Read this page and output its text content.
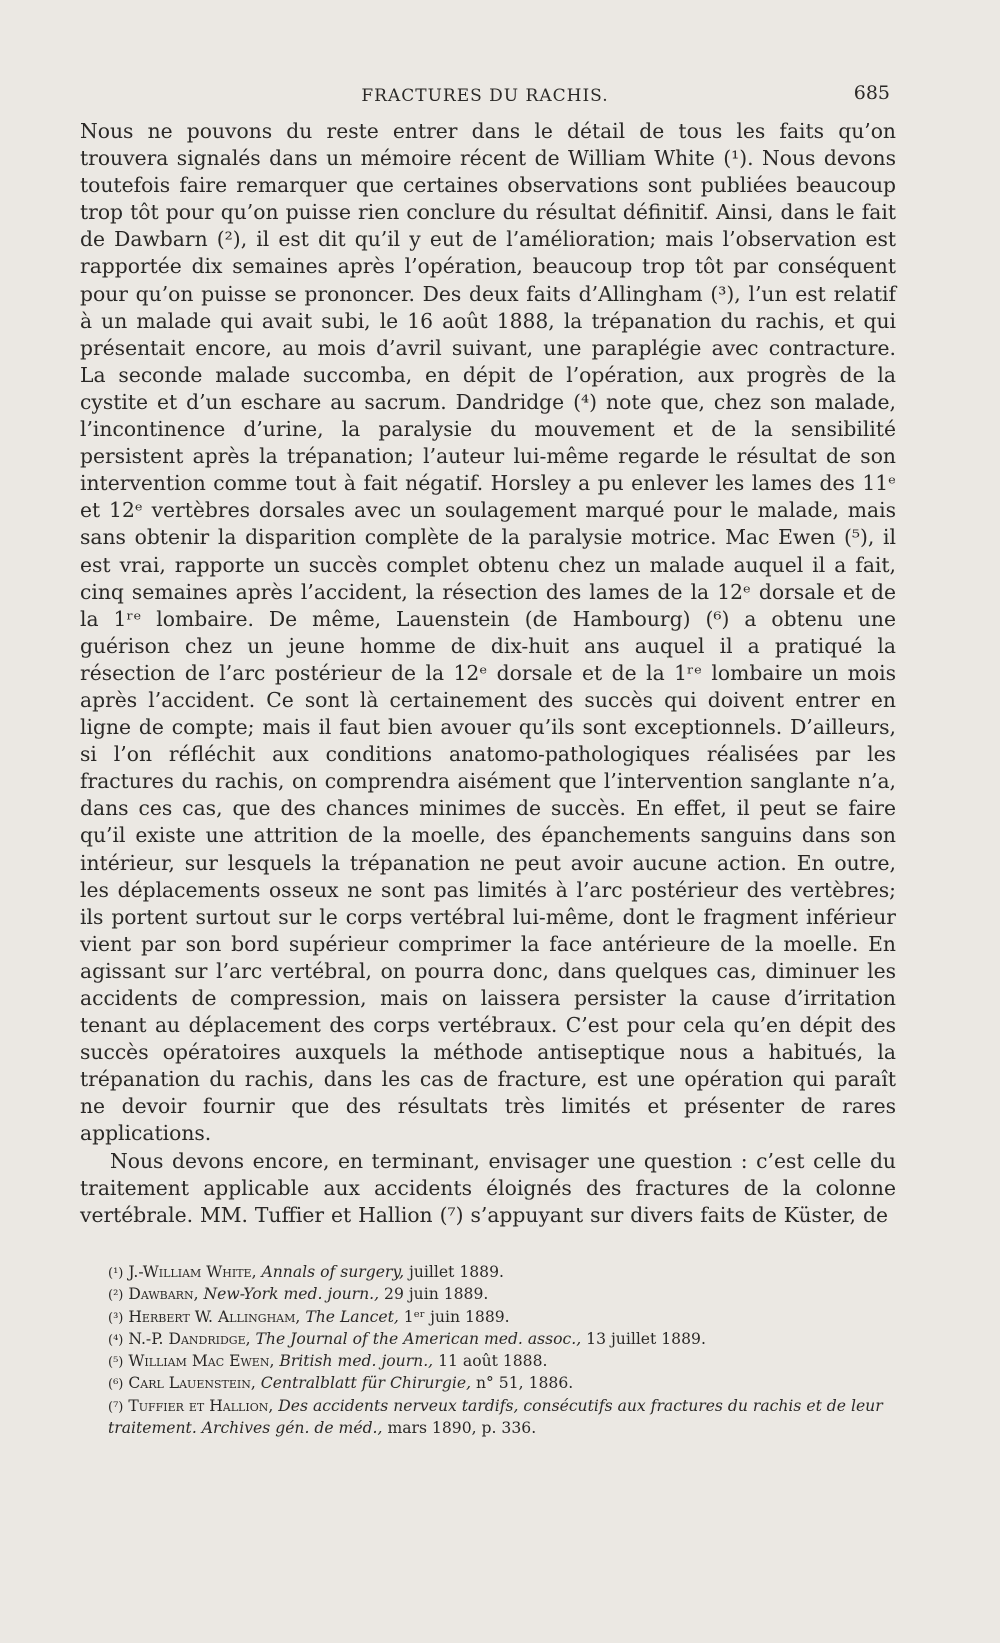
FRACTURES DU RACHIS.	685

Nous ne pouvons du reste entrer dans le détail de tous les faits qu’on trouvera signalés dans un mémoire récent de William White (¹). Nous devons toutefois faire remarquer que certaines observations sont publiées beaucoup trop tôt pour qu’on puisse rien conclure du résultat définitif. Ainsi, dans le fait de Dawbarn (²), il est dit qu’il y eut de l’amélioration; mais l’observation est rapportée dix semaines après l’opération, beaucoup trop tôt par conséquent pour qu’on puisse se prononcer. Des deux faits d’Allingham (³), l’un est relatif à un malade qui avait subi, le 16 août 1888, la trépanation du rachis, et qui présentait encore, au mois d’avril suivant, une paraplégie avec contracture. La seconde malade succomba, en dépit de l’opération, aux progrès de la cystite et d’un eschare au sacrum. Dandridge (⁴) note que, chez son malade, l’incontinence d’urine, la paralysie du mouvement et de la sensibilité persistent après la trépanation; l’auteur lui-même regarde le résultat de son intervention comme tout à fait négatif. Horsley a pu enlever les lames des 11ᵉ et 12ᵉ vertèbres dorsales avec un soulagement marqué pour le malade, mais sans obtenir la disparition complète de la paralysie motrice. Mac Ewen (⁵), il est vrai, rapporte un succès complet obtenu chez un malade auquel il a fait, cinq semaines après l’accident, la résection des lames de la 12ᵉ dorsale et de la 1ʳᵉ lombaire. De même, Lauenstein (de Hambourg) (⁶) a obtenu une guérison chez un jeune homme de dix-huit ans auquel il a pratiqué la résection de l’arc postérieur de la 12ᵉ dorsale et de la 1ʳᵉ lombaire un mois après l’accident. Ce sont là certainement des succès qui doivent entrer en ligne de compte; mais il faut bien avouer qu’ils sont exceptionnels. D’ailleurs, si l’on réfléchit aux conditions anatomo-pathologiques réalisées par les fractures du rachis, on comprendra aisément que l’intervention sanglante n’a, dans ces cas, que des chances minimes de succès. En effet, il peut se faire qu’il existe une attrition de la moelle, des épanchements sanguins dans son intérieur, sur lesquels la trépanation ne peut avoir aucune action. En outre, les déplacements osseux ne sont pas limités à l’arc postérieur des vertèbres; ils portent surtout sur le corps vertébral lui-même, dont le fragment inférieur vient par son bord supérieur comprimer la face antérieure de la moelle. En agissant sur l’arc vertébral, on pourra donc, dans quelques cas, diminuer les accidents de compression, mais on laissera persister la cause d’irritation tenant au déplacement des corps vertébraux. C’est pour cela qu’en dépit des succès opératoires auxquels la méthode antiseptique nous a habitués, la trépanation du rachis, dans les cas de fracture, est une opération qui paraît ne devoir fournir que des résultats très limités et présenter de rares applications.

Nous devons encore, en terminant, envisager une question : c’est celle du traitement applicable aux accidents éloignés des fractures de la colonne vertébrale. MM. Tuffier et Hallion (⁷) s’appuyant sur divers faits de Küster, de

(¹) J.-William White, Annals of surgery, juillet 1889.

(²) Dawbarn, New-York med. journ., 29 juin 1889.

(³) Herbert W. Allingham, The Lancet, 1ᵉʳ juin 1889.

(⁴) N.-P. Dandridge, The Journal of the American med. assoc., 13 juillet 1889.

(⁵) William Mac Ewen, British med. journ., 11 août 1888.

(⁶) Carl Lauenstein, Centralblatt für Chirurgie, n° 51, 1886.

(⁷) Tuffier et Hallion, Des accidents nerveux tardifs, consécutifs aux fractures du rachis et de leur traitement. Archives gén. de méd., mars 1890, p. 336.
